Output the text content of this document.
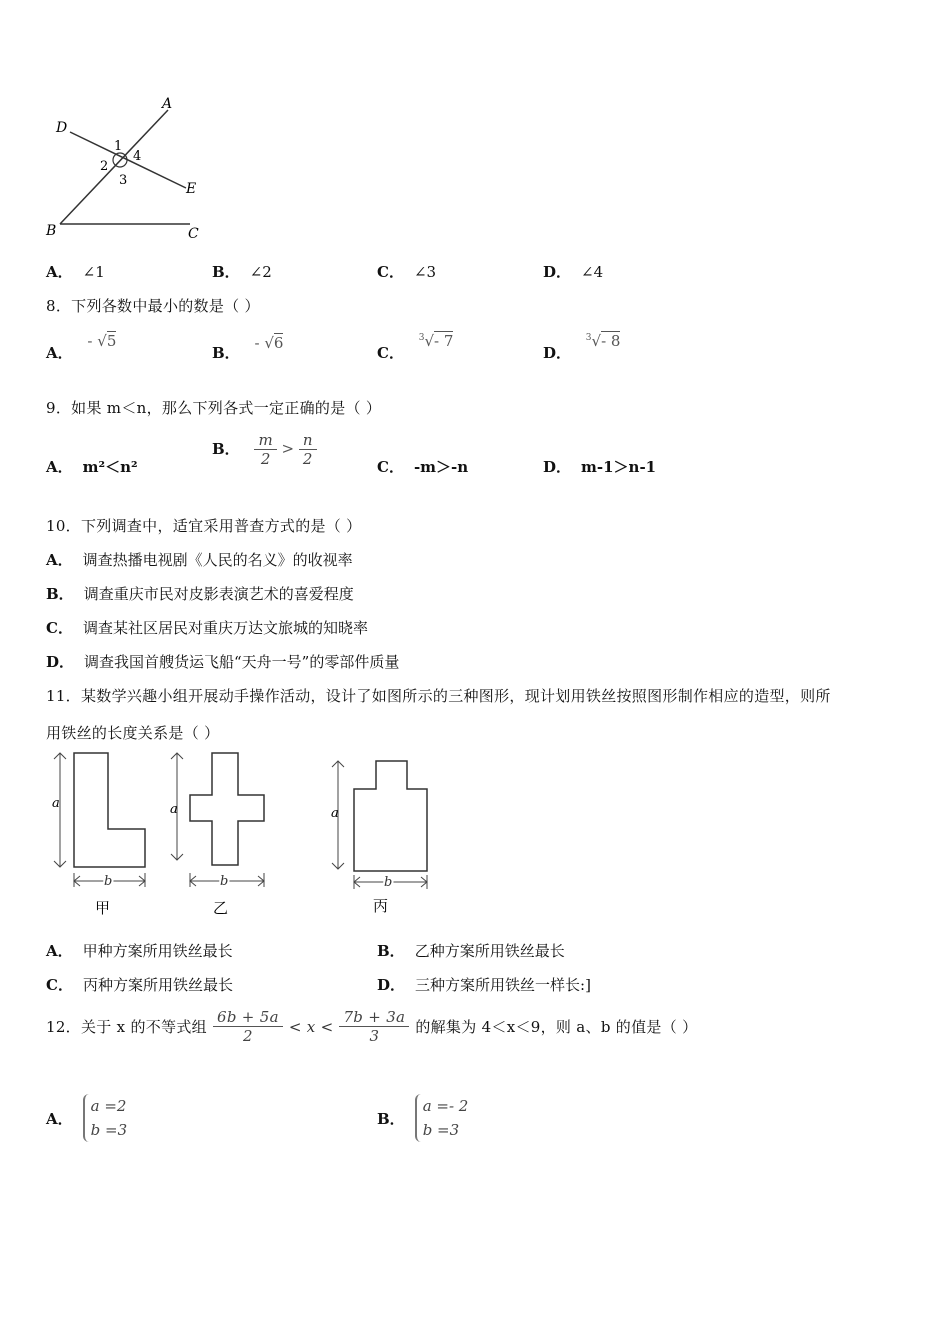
A
D
E
B	C
1
2
3
4
A． ∠1	B． ∠2	C． ∠3	D． ∠4
8．下列各数中最小的数是（ ）
A． - √5
B． - √6
C． $^3$√- 7
D． $^3$√- 8
9．如果 m＜n，那么下列各式一定正确的是（ ）
A． m²＜n²
B． $\frac{m}{2} > \frac{n}{2}$	C． -m＞-n	D． m-1＞n-1
10．下列调查中，适宜采用普查方式的是（ ）
A． 调查热播电视剧《人民的名义》的收视率
B． 调查重庆市民对皮影表演艺术的喜爱程度
C． 调查某社区居民对重庆万达文旅城的知晓率
D． 调查我国首艘货运飞船“天舟一号”的零部件质量
11．某数学兴趣小组开展动手操作活动，设计了如图所示的三种图形，现计划用铁丝按照图形制作相应的造型，则所
用铁丝的长度关系是（ ）
a
b
甲
a
b
乙
a
b
丙
A． 甲种方案所用铁丝最长	B． 乙种方案所用铁丝最长
C． 丙种方案所用铁丝最长	D． 三种方案所用铁丝一样长:]
12．关于 x 的不等式组 $\frac{6b + 5a}{2} < x < \frac{7b + 3a}{3}$ 的解集为 4＜x＜9，则 a、b 的值是（ ）
A．
a =2
b =3
B．
a =- 2
b =3
